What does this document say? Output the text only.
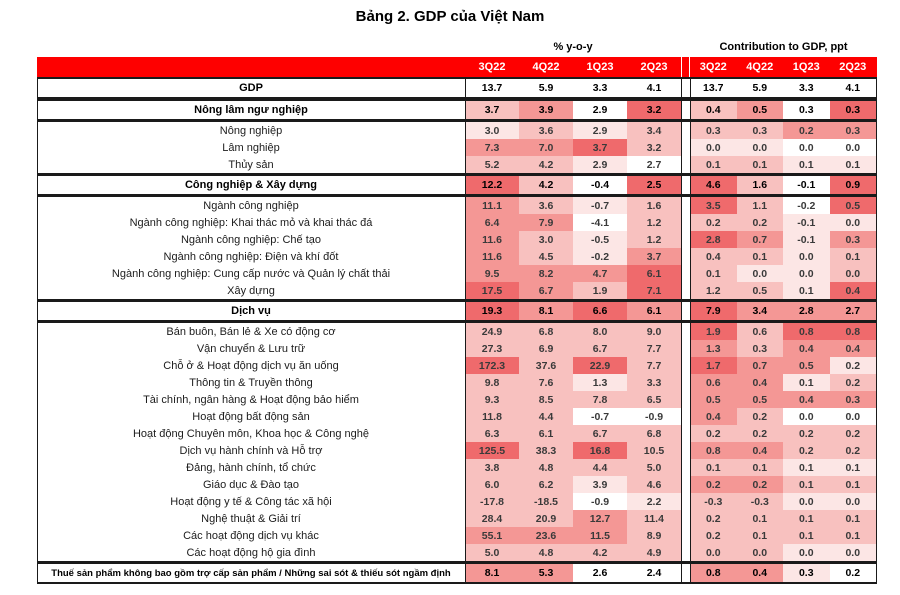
Bảng 2. GDP của Việt Nam
% y-o-y	Contribution to GDP, ppt
3Q22	4Q22	1Q23	2Q23	3Q22	4Q22	1Q23	2Q23
GDP	13.7	5.9	3.3	4.1	13.7	5.9	3.3	4.1
Nông lâm ngư nghiệp	3.7	3.9	2.9	3.2	0.4	0.5	0.3	0.3
Nông nghiệp	3.0	3.6	2.9	3.4	0.3	0.3	0.2	0.3
Lâm nghiệp	7.3	7.0	3.7	3.2	0.0	0.0	0.0	0.0
Thủy sản	5.2	4.2	2.9	2.7	0.1	0.1	0.1	0.1
Công nghiệp & Xây dựng	12.2	4.2	-0.4	2.5	4.6	1.6	-0.1	0.9
Ngành công nghiệp	11.1	3.6	-0.7	1.6	3.5	1.1	-0.2	0.5
Ngành công nghiệp: Khai thác mỏ và khai thác đá	6.4	7.9	-4.1	1.2	0.2	0.2	-0.1	0.0
Ngành công nghiệp: Chế tạo	11.6	3.0	-0.5	1.2	2.8	0.7	-0.1	0.3
Ngành công nghiệp: Điện và khí đốt	11.6	4.5	-0.2	3.7	0.4	0.1	0.0	0.1
Ngành công nghiệp: Cung cấp nước và Quản lý chất thải	9.5	8.2	4.7	6.1	0.1	0.0	0.0	0.0
Xây dựng	17.5	6.7	1.9	7.1	1.2	0.5	0.1	0.4
Dịch vụ	19.3	8.1	6.6	6.1	7.9	3.4	2.8	2.7
Bán buôn, Bán lẻ & Xe có động cơ	24.9	6.8	8.0	9.0	1.9	0.6	0.8	0.8
Vận chuyển & Lưu trữ	27.3	6.9	6.7	7.7	1.3	0.3	0.4	0.4
Chỗ ở & Hoạt động dịch vụ ăn uống	172.3	37.6	22.9	7.7	1.7	0.7	0.5	0.2
Thông tin & Truyền thông	9.8	7.6	1.3	3.3	0.6	0.4	0.1	0.2
Tài chính, ngân hàng & Hoạt động bảo hiểm	9.3	8.5	7.8	6.5	0.5	0.5	0.4	0.3
Hoạt động bất động sản	11.8	4.4	-0.7	-0.9	0.4	0.2	0.0	0.0
Hoạt động Chuyên môn, Khoa học & Công nghệ	6.3	6.1	6.7	6.8	0.2	0.2	0.2	0.2
Dịch vụ hành chính và Hỗ trợ	125.5	38.3	16.8	10.5	0.8	0.4	0.2	0.2
Đảng, hành chính, tổ chức	3.8	4.8	4.4	5.0	0.1	0.1	0.1	0.1
Giáo dục & Đào tạo	6.0	6.2	3.9	4.6	0.2	0.2	0.1	0.1
Hoạt động y tế & Công tác xã hội	-17.8	-18.5	-0.9	2.2	-0.3	-0.3	0.0	0.0
Nghệ thuật & Giải trí	28.4	20.9	12.7	11.4	0.2	0.1	0.1	0.1
Các hoạt động dịch vụ khác	55.1	23.6	11.5	8.9	0.2	0.1	0.1	0.1
Các hoạt động hộ gia đình	5.0	4.8	4.2	4.9	0.0	0.0	0.0	0.0
Thuế sản phẩm không bao gồm trợ cấp sản phẩm / Những sai sót & thiếu sót ngầm định	8.1	5.3	2.6	2.4	0.8	0.4	0.3	0.2
